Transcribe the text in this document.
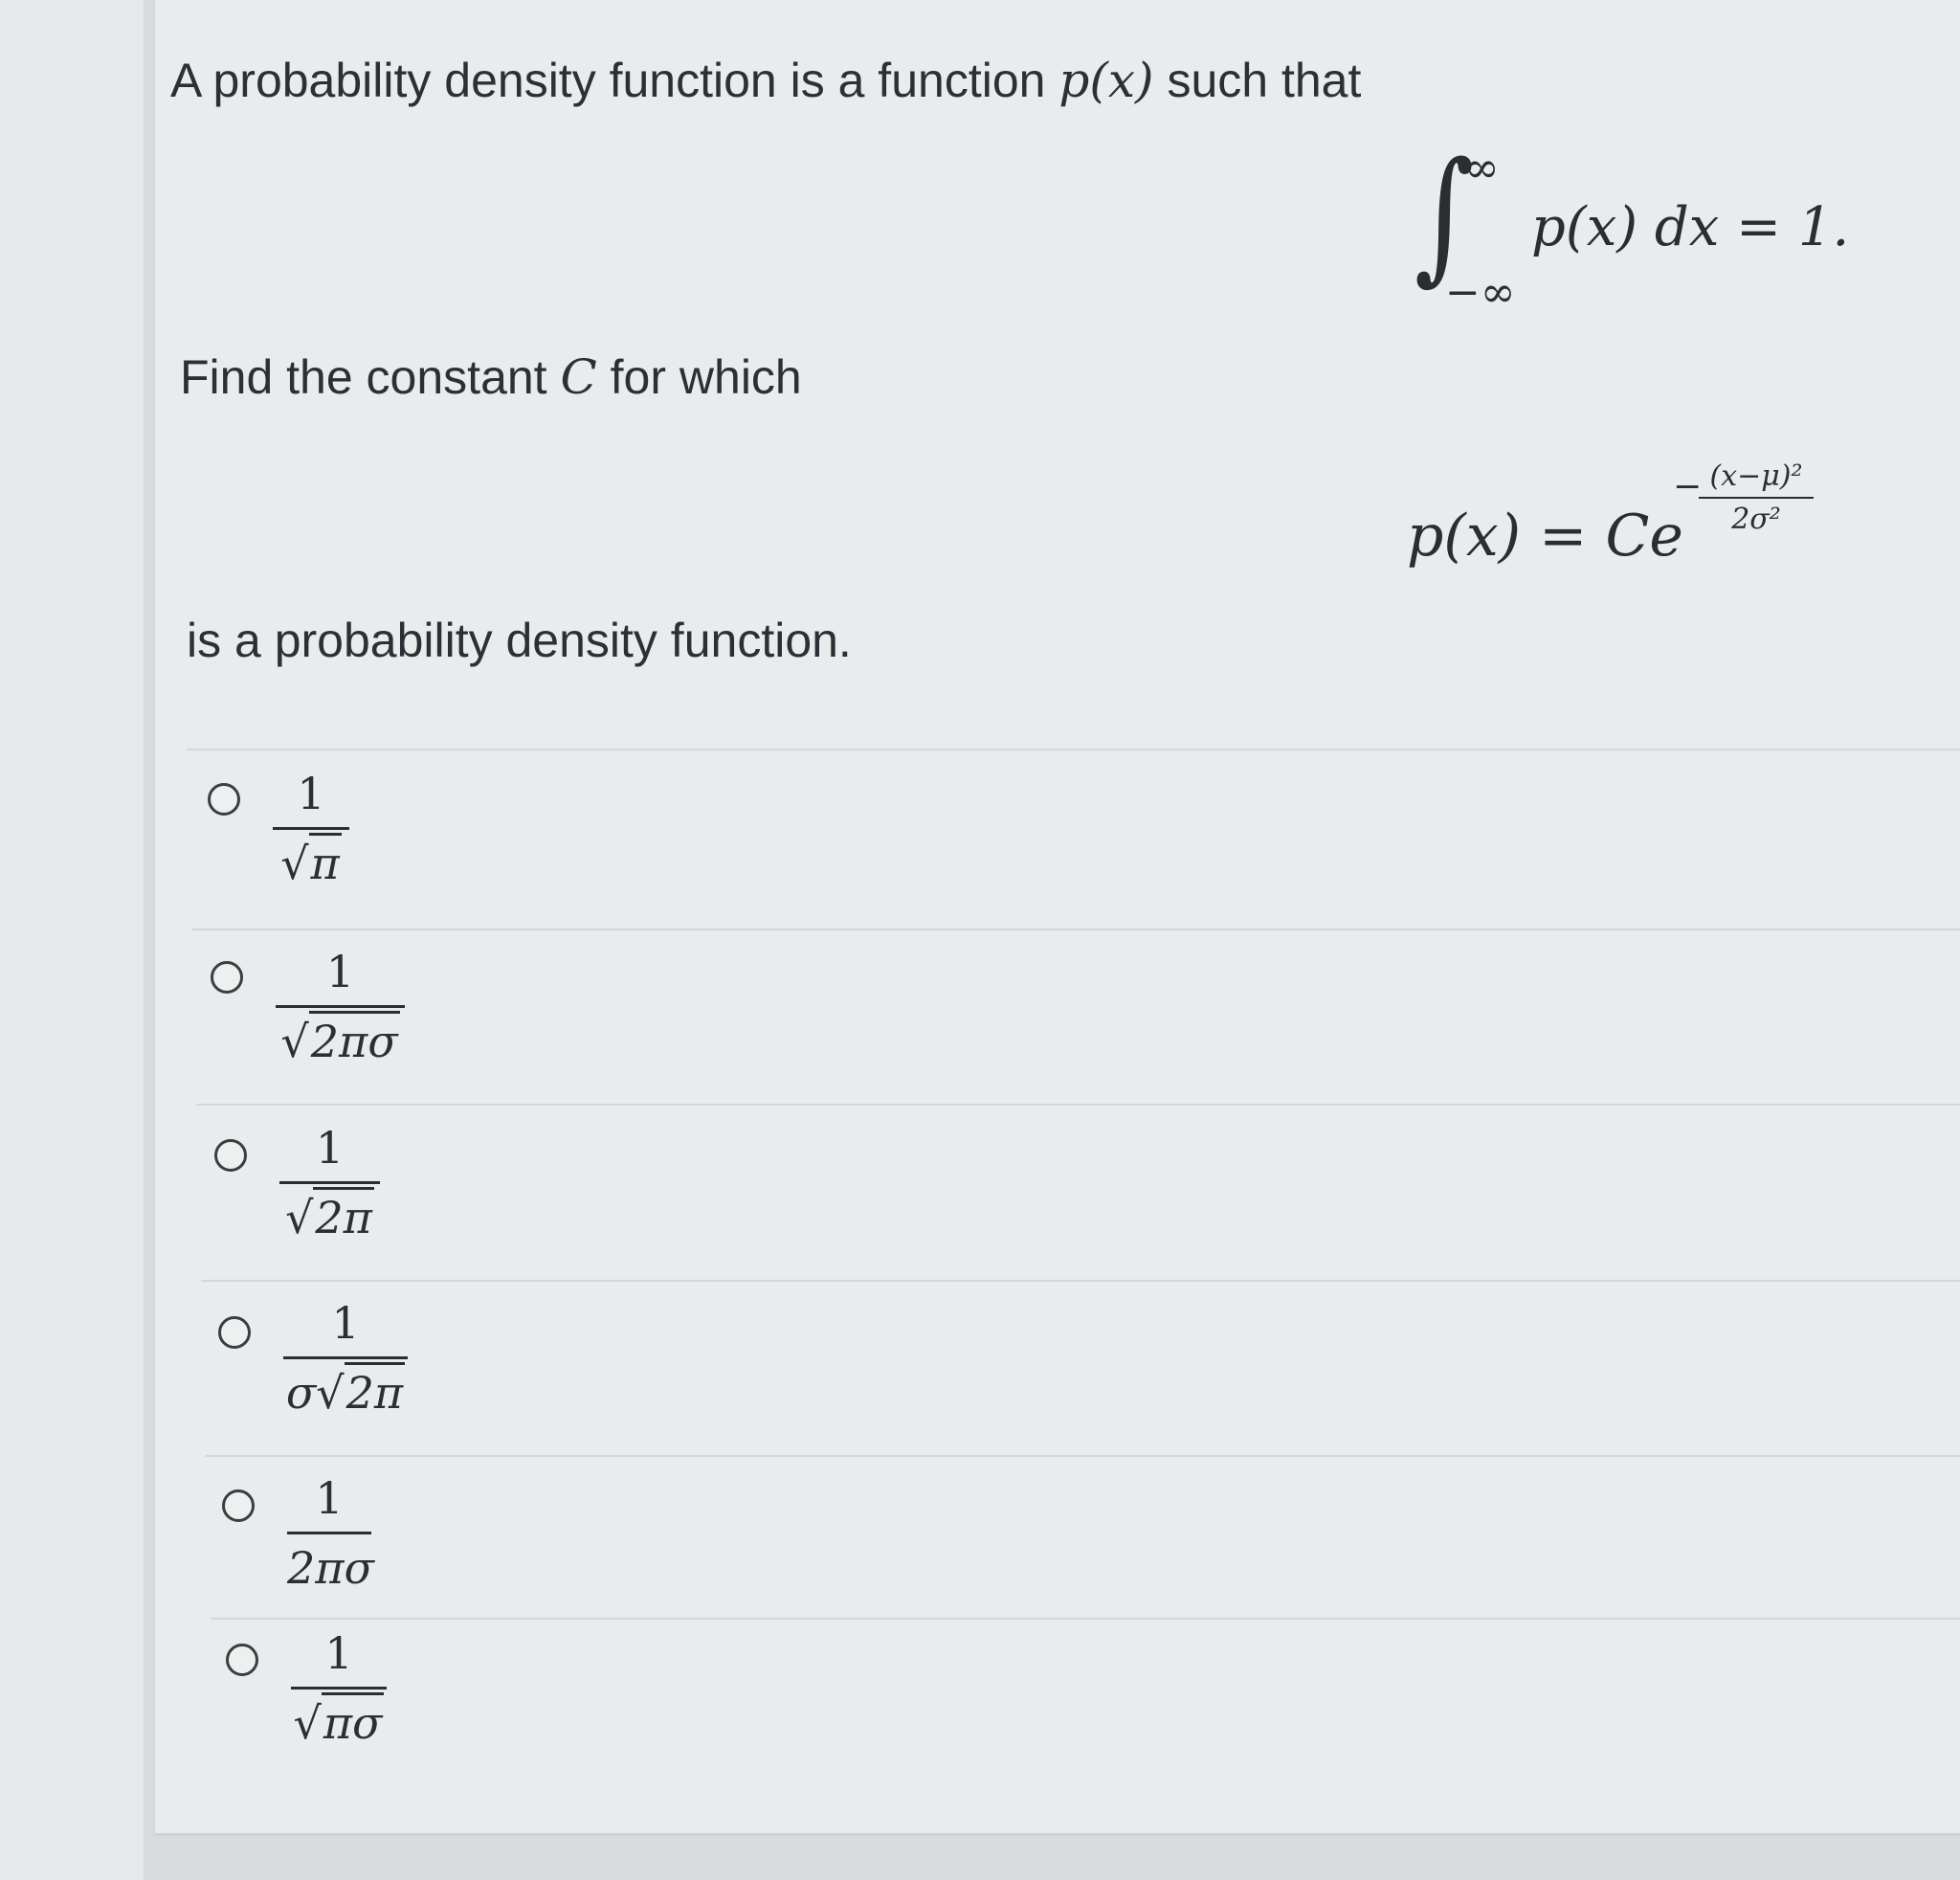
A probability density function is a function p(x) such that
∫
∞
−∞
p(x) dx = 1.
Find the constant C for which
p(x) = Ce
−
$\frac{\text{(x−μ)²}}{\text{2σ²}}$
is a probability density function.
1
√π
1
√2πσ
1
√2π
1
σ√2π
1
2πσ
1
√πσ
